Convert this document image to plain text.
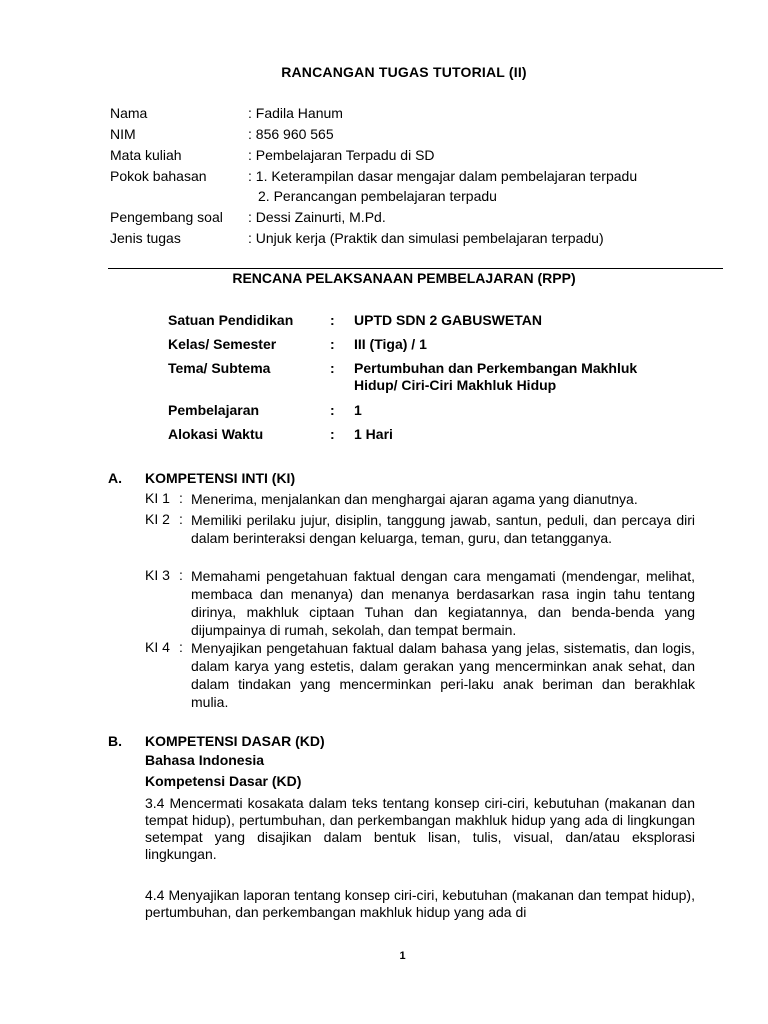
RANCANGAN TUGAS TUTORIAL (II)
Nama	: Fadila Hanum
NIM	: 856 960 565
Mata kuliah	: Pembelajaran Terpadu di SD
Pokok bahasan	: 1. Keterampilan dasar mengajar dalam pembelajaran terpadu
2. Perancangan pembelajaran terpadu
Pengembang soal : Dessi Zainurti, M.Pd.
Jenis tugas	: Unjuk kerja (Praktik dan simulasi pembelajaran terpadu)
RENCANA PELAKSANAAN PEMBELAJARAN (RPP)
Satuan Pendidikan	: UPTD SDN 2 GABUSWETAN
Kelas/ Semester	: III (Tiga) / 1
Tema/ Subtema	: Pertumbuhan dan Perkembangan Makhluk
Hidup/ Ciri-Ciri Makhluk Hidup
Pembelajaran	: 1
Alokasi Waktu	: 1 Hari
A. KOMPETENSI INTI (KI)
KI 1 : Menerima, menjalankan dan menghargai ajaran agama yang dianutnya.
KI 2 : Memiliki perilaku jujur, disiplin, tanggung jawab, santun, peduli, dan percaya diri dalam berinteraksi dengan keluarga, teman, guru, dan tetangganya.
KI 3 : Memahami pengetahuan faktual dengan cara mengamati (mendengar, melihat, membaca dan menanya) dan menanya berdasarkan rasa ingin tahu tentang dirinya, makhluk ciptaan Tuhan dan kegiatannya, dan benda-benda yang dijumpainya di rumah, sekolah, dan tempat bermain.
KI 4 : Menyajikan pengetahuan faktual dalam bahasa yang jelas, sistematis, dan logis, dalam karya yang estetis, dalam gerakan yang mencerminkan anak sehat, dan dalam tindakan yang mencerminkan peri-laku anak beriman dan berakhlak mulia.
B. KOMPETENSI DASAR (KD)
Bahasa Indonesia
Kompetensi Dasar (KD)
3.4 Mencermati kosakata dalam teks tentang konsep ciri-ciri, kebutuhan (makanan dan tempat hidup), pertumbuhan, dan perkembangan makhluk hidup yang ada di lingkungan setempat yang disajikan dalam bentuk lisan, tulis, visual, dan/atau eksplorasi lingkungan.
4.4 Menyajikan laporan tentang konsep ciri-ciri, kebutuhan (makanan dan tempat hidup), pertumbuhan, dan perkembangan makhluk hidup yang ada di
1
